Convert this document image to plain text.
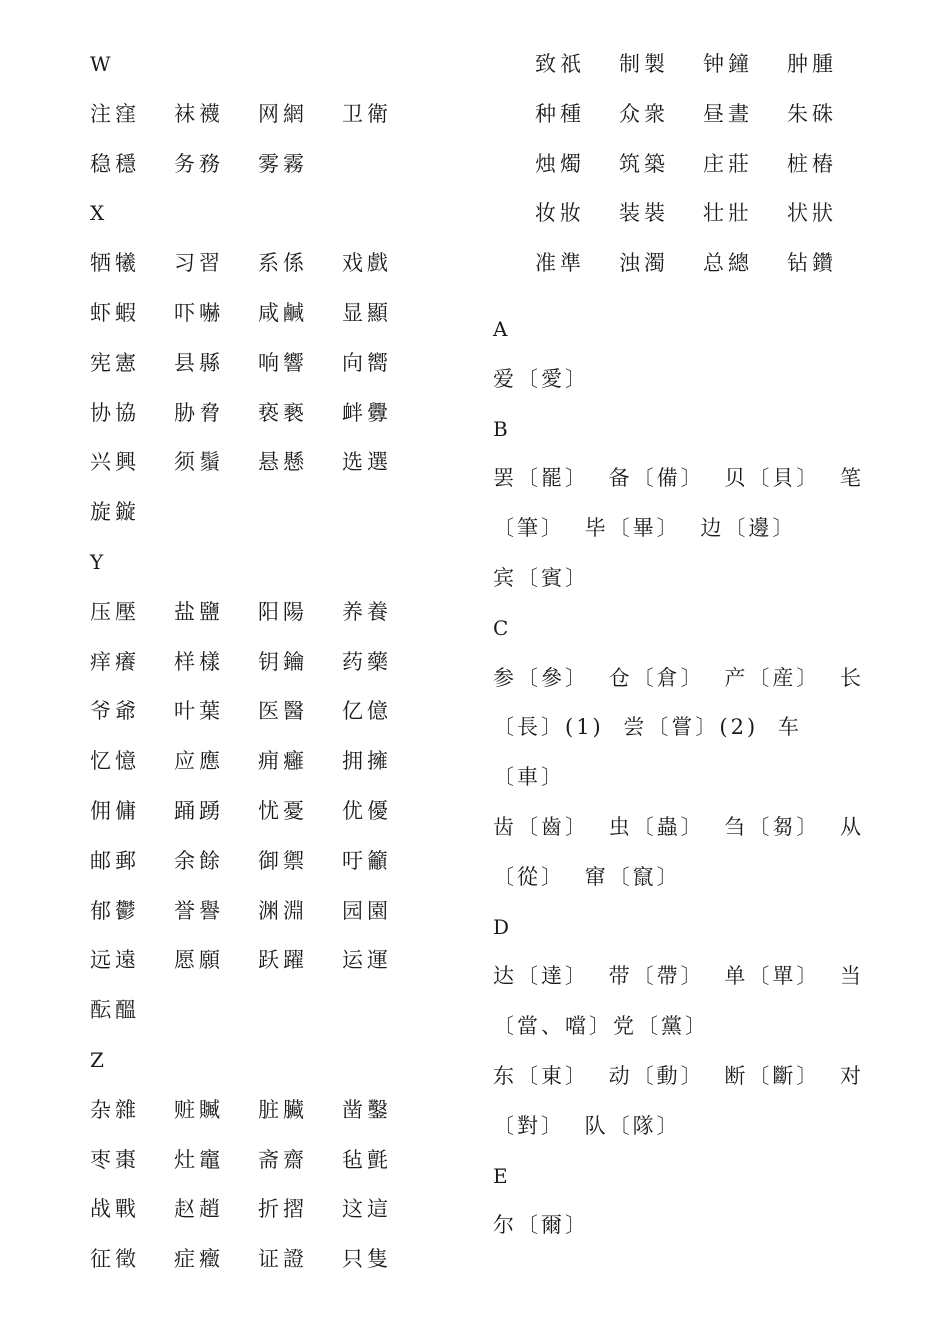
W
注窪 袜襪 网網 卫衛
稳穩 务務 雾霧
X
牺犧 习習 系係 戏戲
虾蝦 吓嚇 咸鹹 显顯
宪憲 县縣 响響 向嚮
协協 胁脅 亵褻 衅釁
兴興 须鬚 悬懸 选選
旋鏇
Y
压壓 盐鹽 阳陽 养養
痒癢 样樣 钥鑰 药藥
爷爺 叶葉 医醫 亿億
忆憶 应應 痈癰 拥擁
佣傭 踊踴 忧憂 优優
邮郵 余餘 御禦 吁籲
郁鬱 誉譽 渊淵 园園
远遠 愿願 跃躍 运運
酝醞
Z
杂雜 赃贓 脏臟 凿鑿
枣棗 灶竈 斋齋 毡氈
战戰 赵趙 折摺 这這
征徵 症癥 证證 只隻
致祇 制製 钟鐘 肿腫
种種 众衆 昼晝 朱硃
烛燭 筑築 庄莊 桩樁
妆妝 装裝 壮壯 状狀
准準 浊濁 总總 钻鑽
A
爱〔愛〕
B
罢〔罷〕 备〔備〕 贝〔貝〕 笔
〔筆〕 毕〔畢〕 边〔邊〕
宾〔賓〕
C
参〔參〕 仓〔倉〕 产〔産〕 长
〔長〕(1) 尝〔嘗〕(2) 车
〔車〕
齿〔齒〕 虫〔蟲〕 刍〔芻〕 从
〔從〕 窜〔竄〕
D
达〔達〕 带〔帶〕 单〔單〕 当
〔當、噹〕党〔黨〕
东〔東〕 动〔動〕 断〔斷〕 对
〔對〕 队〔隊〕
E
尔〔爾〕
